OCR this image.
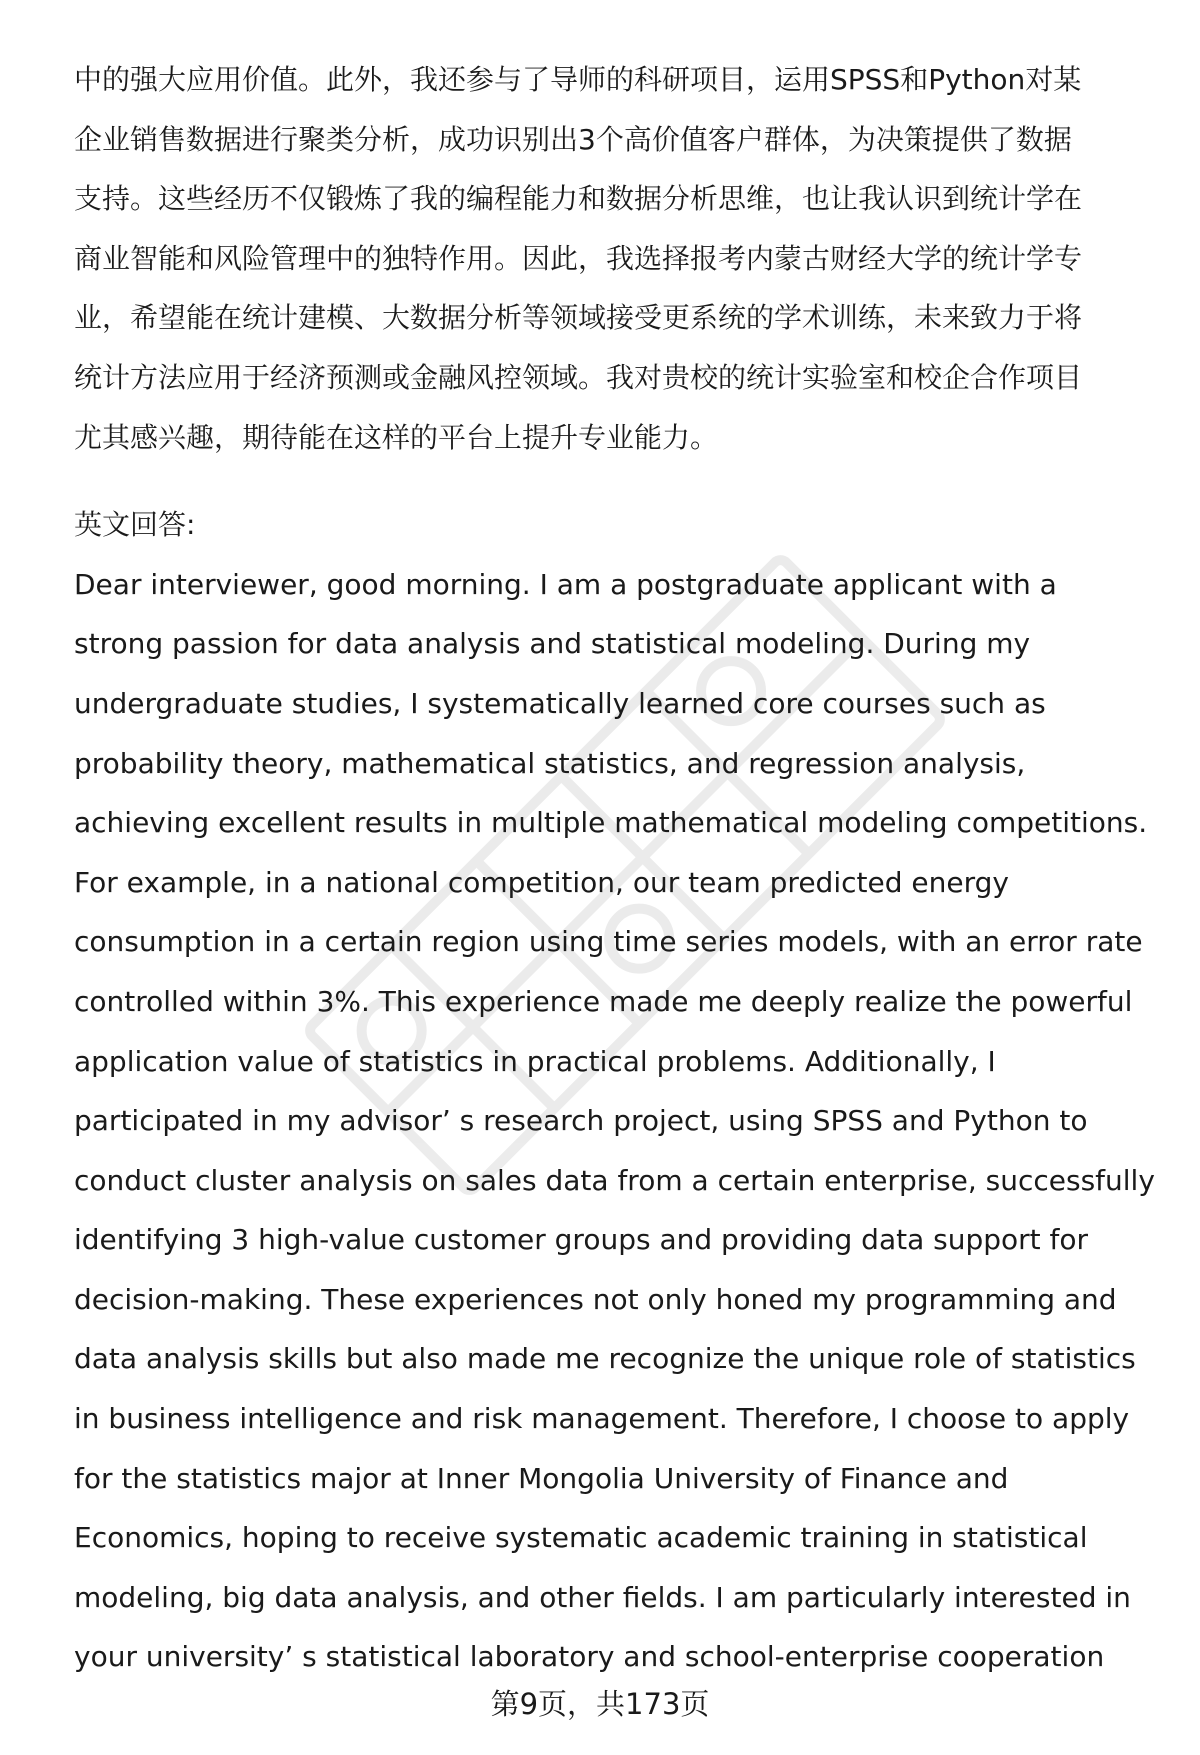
中的强大应用价值。此外，我还参与了导师的科研项目，运用SPSS和Python对某
企业销售数据进行聚类分析，成功识别出3个高价值客户群体，为决策提供了数据
支持。这些经历不仅锻炼了我的编程能力和数据分析思维，也让我认识到统计学在
商业智能和风险管理中的独特作用。因此，我选择报考内蒙古财经大学的统计学专
业，希望能在统计建模、大数据分析等领域接受更系统的学术训练，未来致力于将
统计方法应用于经济预测或金融风控领域。我对贵校的统计实验室和校企合作项目
尤其感兴趣，期待能在这样的平台上提升专业能力。
英文回答:
Dear interviewer, good morning. I am a postgraduate applicant with a
strong passion for data analysis and statistical modeling. During my
undergraduate studies, I systematically learned core courses such as
probability theory, mathematical statistics, and regression analysis,
achieving excellent results in multiple mathematical modeling competitions.
For example, in a national competition, our team predicted energy
consumption in a certain region using time series models, with an error rate
controlled within 3%. This experience made me deeply realize the powerful
application value of statistics in practical problems. Additionally, I
participated in my advisor’ s research project, using SPSS and Python to
conduct cluster analysis on sales data from a certain enterprise, successfully
identifying 3 high-value customer groups and providing data support for
decision-making. These experiences not only honed my programming and
data analysis skills but also made me recognize the unique role of statistics
in business intelligence and risk management. Therefore, I choose to apply
for the statistics major at Inner Mongolia University of Finance and
Economics, hoping to receive systematic academic training in statistical
modeling, big data analysis, and other fields. I am particularly interested in
your university’ s statistical laboratory and school-enterprise cooperation
第9页，共173页
